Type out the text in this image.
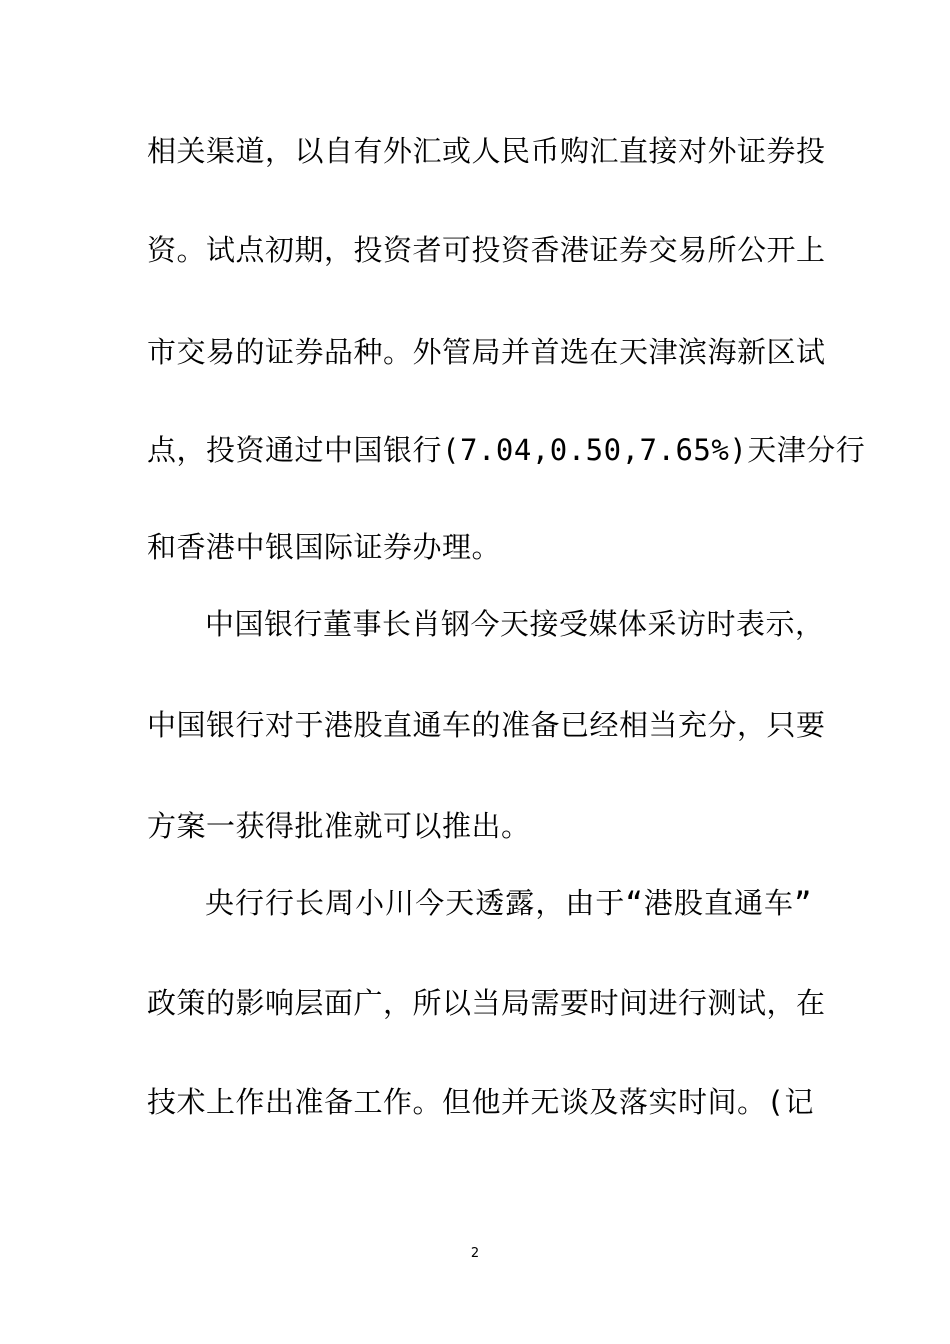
相关渠道，以自有外汇或人民币购汇直接对外证券投
资。试点初期，投资者可投资香港证券交易所公开上
市交易的证券品种。外管局并首选在天津滨海新区试
点，投资通过中国银行(7.04,0.50,7.65%)天津分行
和香港中银国际证券办理。
中国银行董事长肖钢今天接受媒体采访时表示，
中国银行对于港股直通车的准备已经相当充分，只要
方案一获得批准就可以推出。
央行行长周小川今天透露，由于“港股直通车”
政策的影响层面广，所以当局需要时间进行测试，在
技术上作出准备工作。但他并无谈及落实时间。(记
2
